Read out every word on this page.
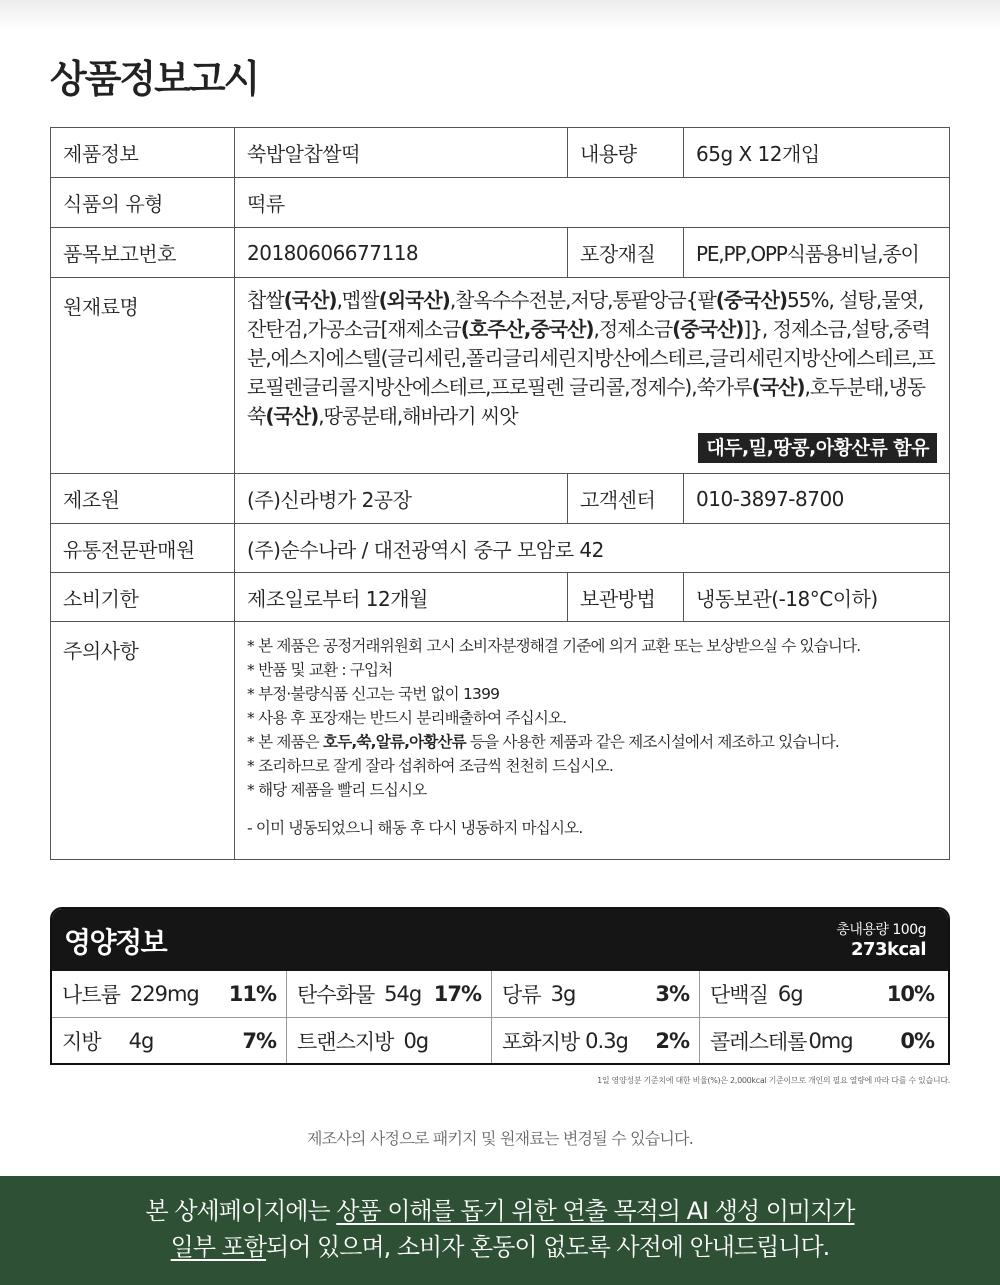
상품정보고시
제품정보	쑥밥알찹쌀떡	내용량	65g X 12개입
식품의 유형	떡류
품목보고번호	20180606677118	포장재질	PE,PP,OPP식품용비닐,종이
원재료명	찹쌀(국산),멥쌀(외국산),찰옥수수전분,저당,통팥앙금{팥(중국산)55%, 설탕,물엿,잔탄검,가공소금[재제소금(호주산,중국산),정제소금(중국산)]}, 정제소금,설탕,중력분,에스지에스텔(글리세린,폴리글리세린지방산에스테르,글리세린지방산에스테르,프로필렌글리콜지방산에스테르,프로필렌 글리콜,정제수),쑥가루(국산),호두분태,냉동쑥(국산),땅콩분태,해바라기 씨앗
대두,밀,땅콩,아황산류 함유
제조원	(주)신라병가 2공장	고객센터	010-3897-8700
유통전문판매원	(주)순수나라 / 대전광역시 중구 모암로 42
소비기한	제조일로부터 12개월	보관방법	냉동보관(-18°C이하)
주의사항	* 본 제품은 공정거래위원회 고시 소비자분쟁해결 기준에 의거 교환 또는 보상받으실 수 있습니다.
* 반품 및 교환 : 구입처
* 부정·불량식품 신고는 국번 없이 1399
* 사용 후 포장재는 반드시 분리배출하여 주십시오.
* 본 제품은 호두,쑥,알류,아황산류 등을 사용한 제품과 같은 제조시설에서 제조하고 있습니다.
* 조리하므로 잘게 잘라 섭취하여 조금씩 천천히 드십시오.
* 해당 제품을 빨리 드십시오
- 이미 냉동되었으니 해동 후 다시 냉동하지 마십시오.
영양정보	총내용량 100g
273kcal
나트륨 229mg 11% 탄수화물 54g 17% 당류 3g	3% 단백질 6g	10%
지방 4g	7% 트랜스지방 0g	포화지방 0.3g 2% 콜레스테롤 0mg 0%
1일 영양성분 기준치에 대한 비율(%)은 2,000kcal 기준이므로 개인의 필요 열량에 따라 다를 수 있습니다.
제조사의 사정으로 패키지 및 원재료는 변경될 수 있습니다.
본 상세페이지에는 상품 이해를 돕기 위한 연출 목적의 AI 생성 이미지가
일부 포함되어 있으며, 소비자 혼동이 없도록 사전에 안내드립니다.
